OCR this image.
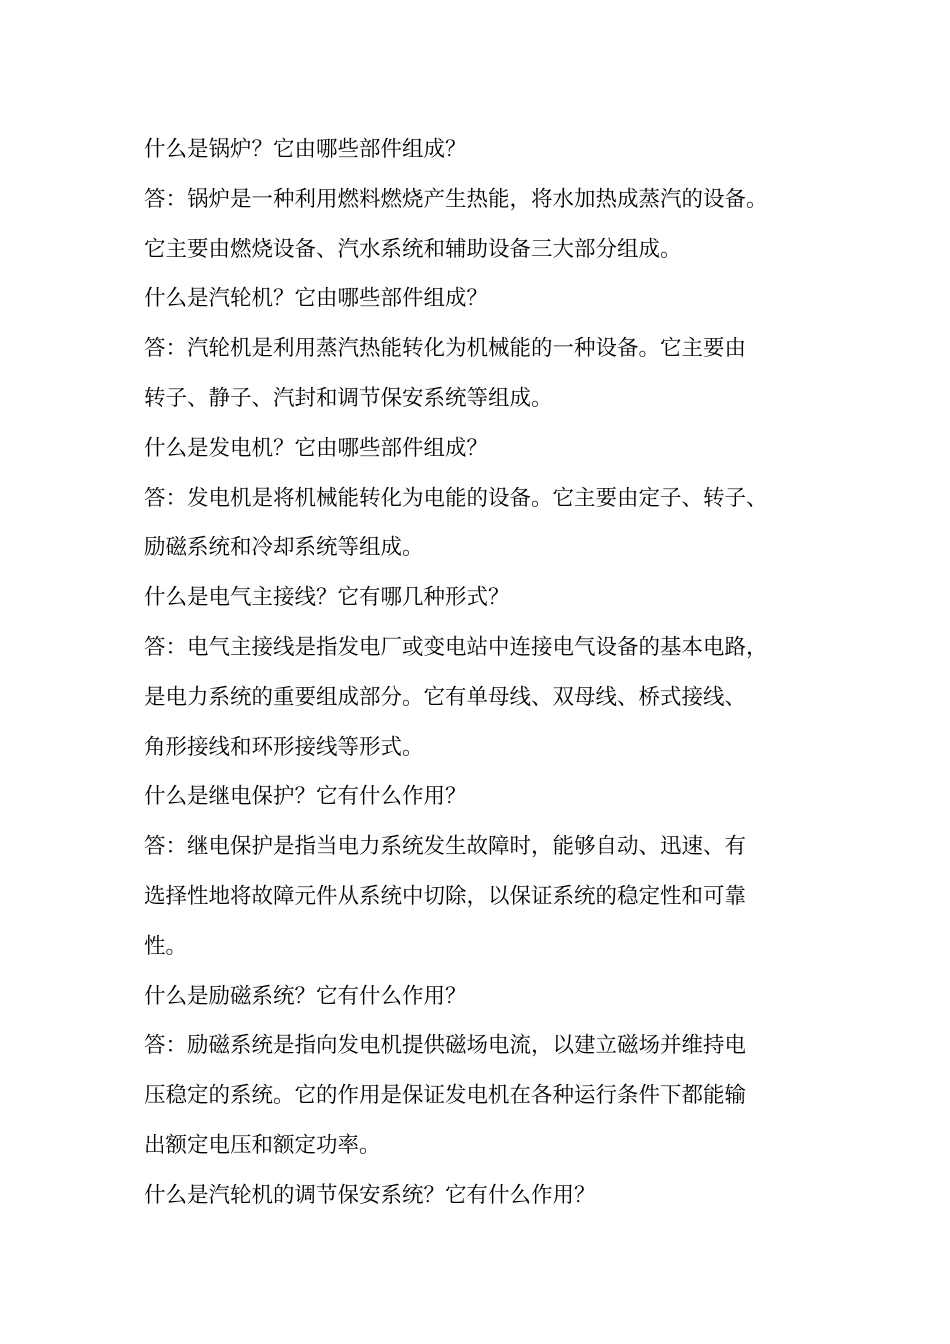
什么是锅炉？它由哪些部件组成？
答：锅炉是一种利用燃料燃烧产生热能，将水加热成蒸汽的设备。
它主要由燃烧设备、汽水系统和辅助设备三大部分组成。
什么是汽轮机？它由哪些部件组成？
答：汽轮机是利用蒸汽热能转化为机械能的一种设备。它主要由
转子、静子、汽封和调节保安系统等组成。
什么是发电机？它由哪些部件组成？
答：发电机是将机械能转化为电能的设备。它主要由定子、转子、
励磁系统和冷却系统等组成。
什么是电气主接线？它有哪几种形式？
答：电气主接线是指发电厂或变电站中连接电气设备的基本电路，
是电力系统的重要组成部分。它有单母线、双母线、桥式接线、
角形接线和环形接线等形式。
什么是继电保护？它有什么作用？
答：继电保护是指当电力系统发生故障时，能够自动、迅速、有
选择性地将故障元件从系统中切除，以保证系统的稳定性和可靠
性。
什么是励磁系统？它有什么作用？
答：励磁系统是指向发电机提供磁场电流，以建立磁场并维持电
压稳定的系统。它的作用是保证发电机在各种运行条件下都能输
出额定电压和额定功率。
什么是汽轮机的调节保安系统？它有什么作用？
